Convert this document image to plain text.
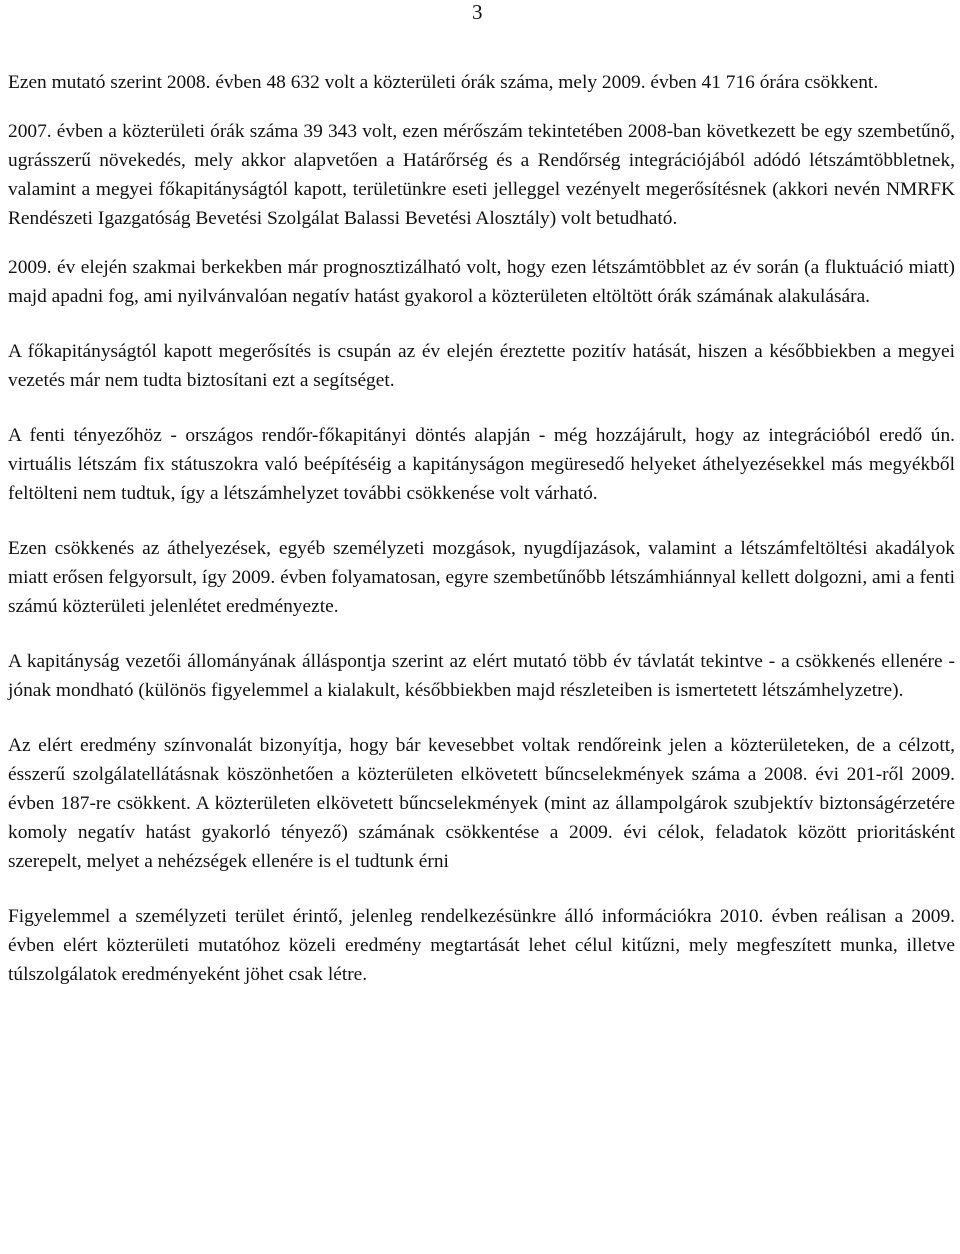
3

Ezen mutató szerint 2008. évben 48 632 volt a közterületi órák száma, mely 2009. évben 41 716 órára csökkent.

2007. évben a közterületi órák száma 39 343 volt, ezen mérőszám tekintetében 2008-ban következett be egy szembetűnő, ugrásszerű növekedés, mely akkor alapvetően a Határőrség és a Rendőrség integrációjából adódó létszámtöbbletnek, valamint a megyei főkapitányságtól kapott, területünkre eseti jelleggel vezényelt megerősítésnek (akkori nevén NMRFK Rendészeti Igazgatóság Bevetési Szolgálat Balassi Bevetési Alosztály) volt betudható.

2009. év elején szakmai berkekben már prognosztizálható volt, hogy ezen létszámtöbblet az év során (a fluktuáció miatt) majd apadni fog, ami nyilvánvalóan negatív hatást gyakorol a közterületen eltöltött órák számának alakulására.

A főkapitányságtól kapott megerősítés is csupán az év elején éreztette pozitív hatását, hiszen a későbbiekben a megyei vezetés már nem tudta biztosítani ezt a segítséget.

A fenti tényezőhöz - országos rendőr-főkapitányi döntés alapján - még hozzájárult, hogy az integrációból eredő ún. virtuális létszám fix státuszokra való beépítéséig a kapitányságon megüresedő helyeket áthelyezésekkel más megyékből feltölteni nem tudtuk, így a létszámhelyzet további csökkenése volt várható.

Ezen csökkenés az áthelyezések, egyéb személyzeti mozgások, nyugdíjazások, valamint a létszámfeltöltési akadályok miatt erősen felgyorsult, így 2009. évben folyamatosan, egyre szembetűnőbb létszámhiánnyal kellett dolgozni, ami a fenti számú közterületi jelenlétet eredményezte.

A kapitányság vezetői állományának álláspontja szerint az elért mutató több év távlatát tekintve - a csökkenés ellenére - jónak mondható (különös figyelemmel a kialakult, későbbiekben majd részleteiben is ismertetett létszámhelyzetre).

Az elért eredmény színvonalát bizonyítja, hogy bár kevesebbet voltak rendőreink jelen a közterületeken, de a célzott, ésszerű szolgálatellátásnak köszönhetően a közterületen elkövetett bűncselekmények száma a 2008. évi 201-ről 2009. évben 187-re csökkent. A közterületen elkövetett bűncselekmények (mint az állampolgárok szubjektív biztonságérzetére komoly negatív hatást gyakorló tényező) számának csökkentése a 2009. évi célok, feladatok között prioritásként szerepelt, melyet a nehézségek ellenére is el tudtunk érni

Figyelemmel a személyzeti terület érintő, jelenleg rendelkezésünkre álló információkra 2010. évben reálisan a 2009. évben elért közterületi mutatóhoz közeli eredmény megtartását lehet célul kitűzni, mely megfeszített munka, illetve túlszolgálatok eredményeként jöhet csak létre.
